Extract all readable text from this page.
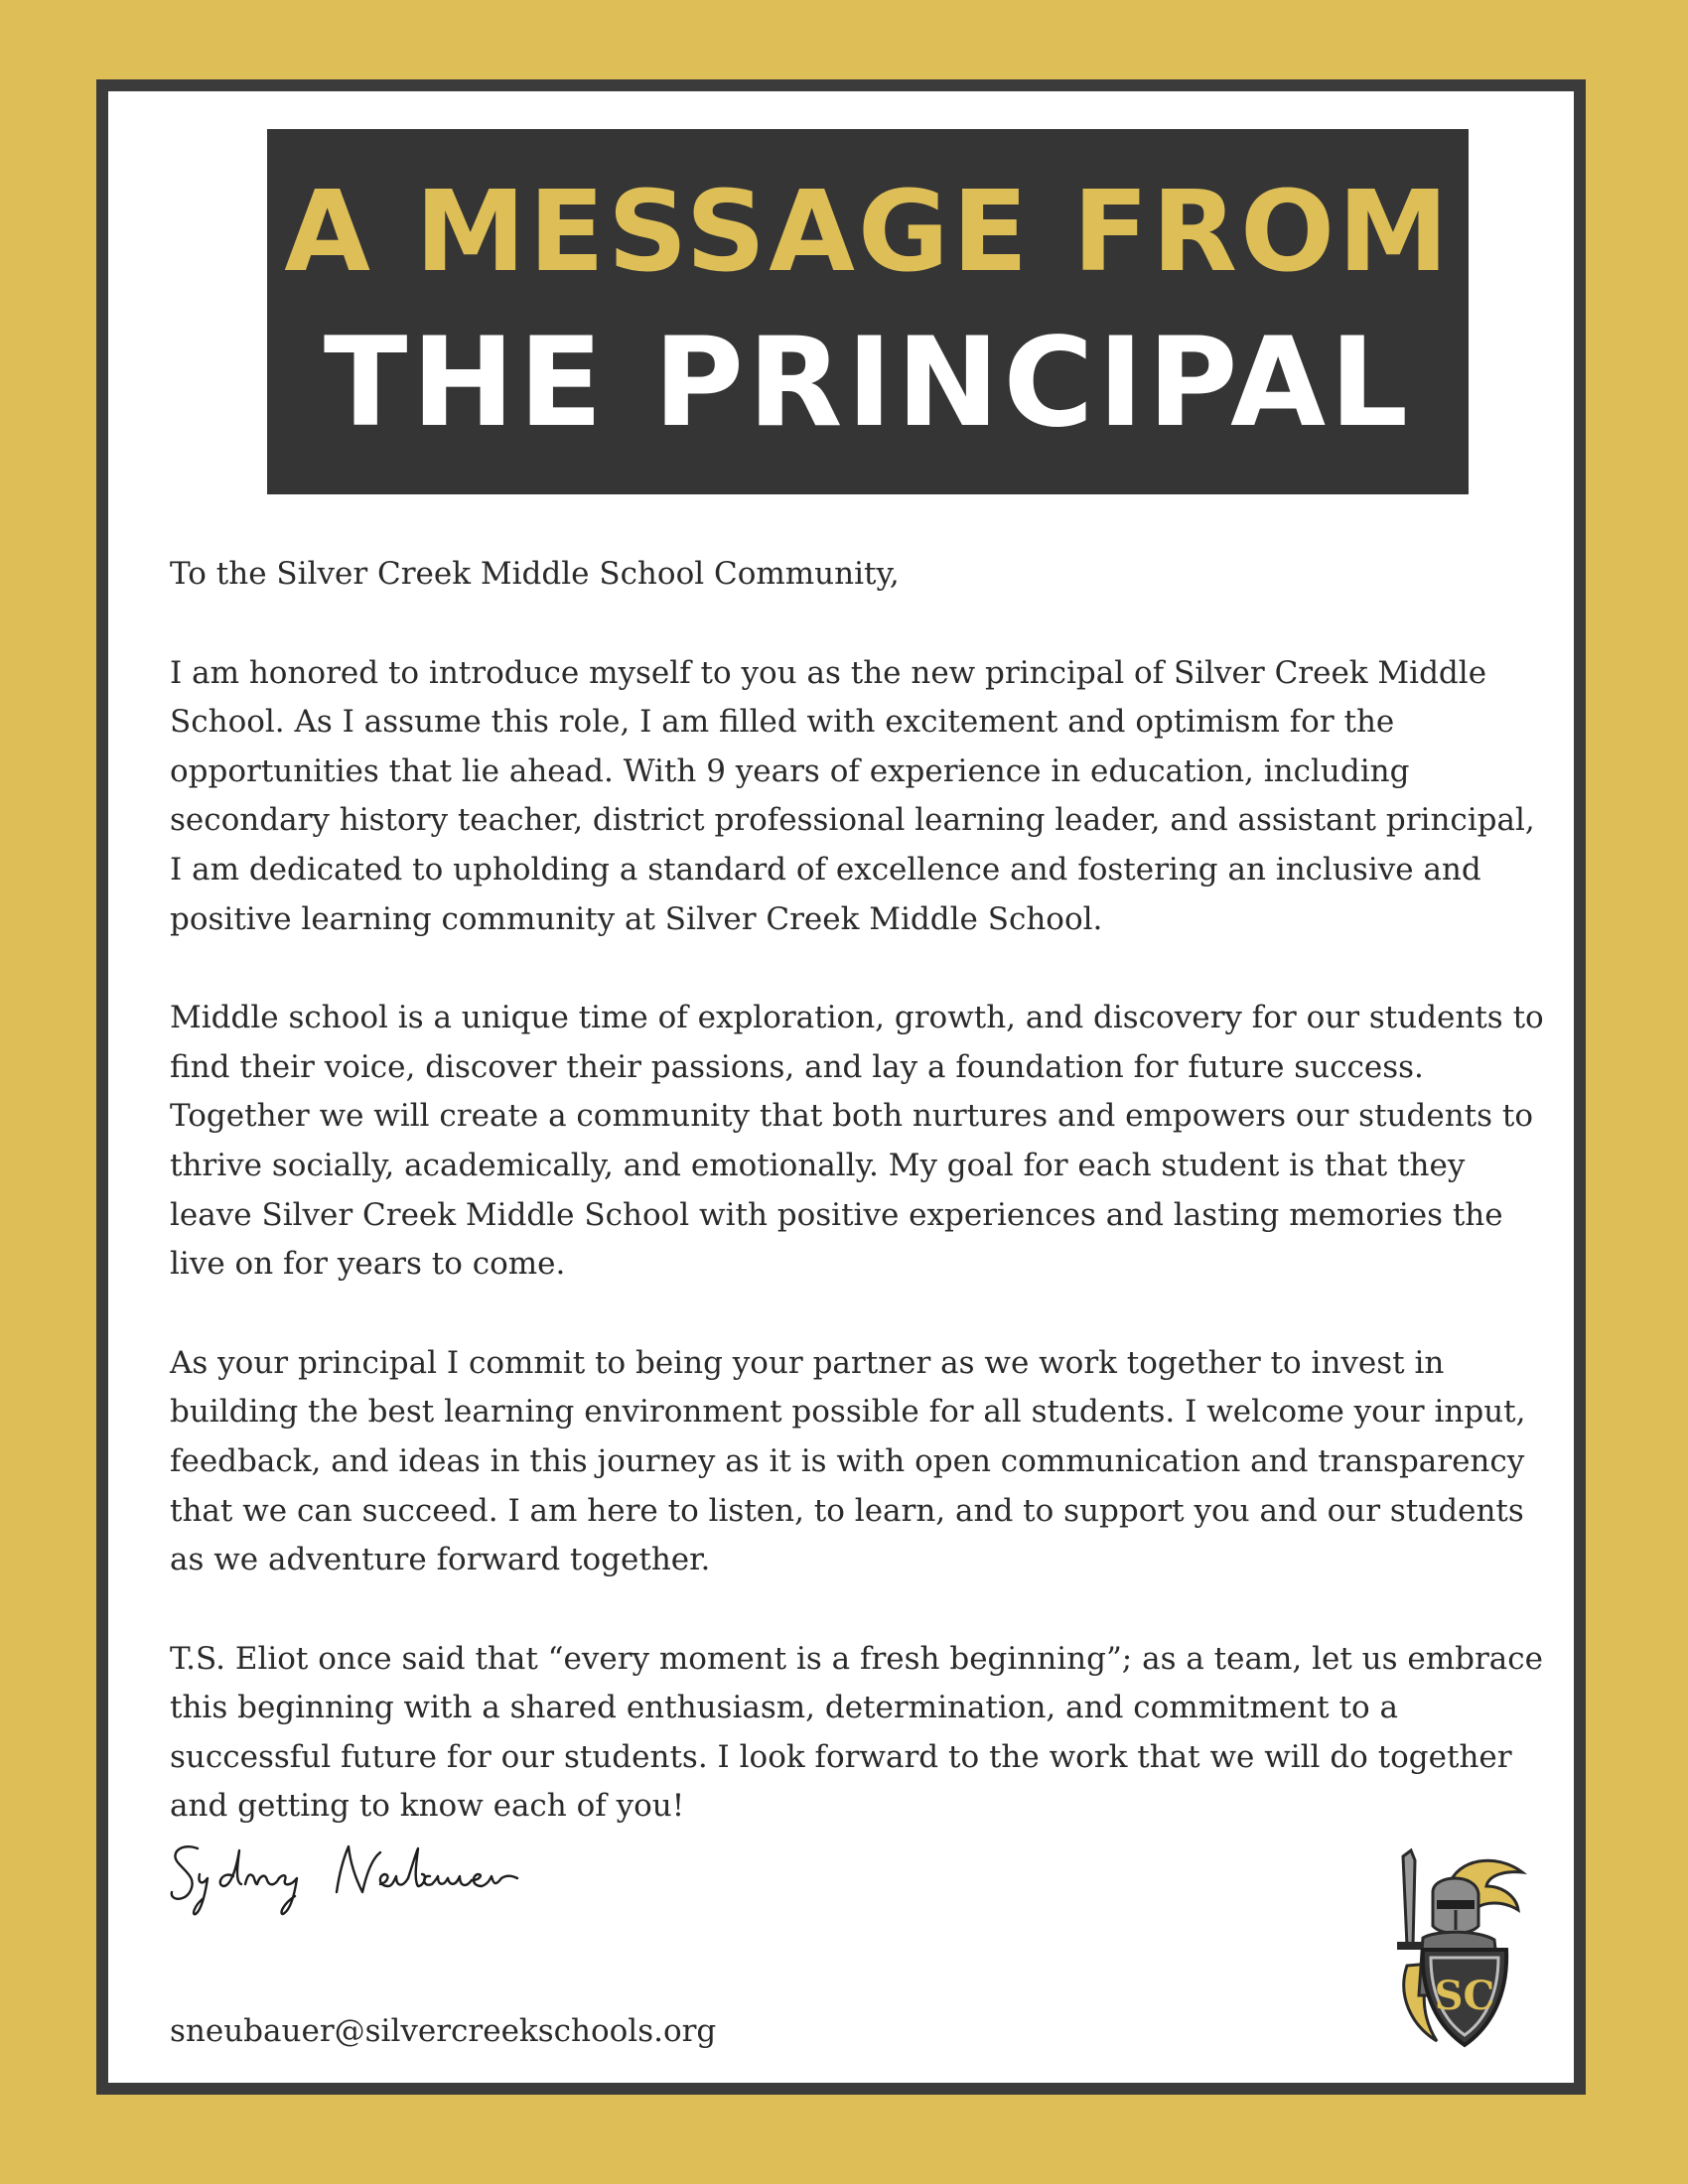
A MESSAGE FROM
THE PRINCIPAL

To the Silver Creek Middle School Community,

I am honored to introduce myself to you as the new principal of Silver Creek Middle School. As I assume this role, I am filled with excitement and optimism for the opportunities that lie ahead. With 9 years of experience in education, including secondary history teacher, district professional learning leader, and assistant principal, I am dedicated to upholding a standard of excellence and fostering an inclusive and positive learning community at Silver Creek Middle School.

Middle school is a unique time of exploration, growth, and discovery for our students to find their voice, discover their passions, and lay a foundation for future success. Together we will create a community that both nurtures and empowers our students to thrive socially, academically, and emotionally. My goal for each student is that they leave Silver Creek Middle School with positive experiences and lasting memories the live on for years to come.

As your principal I commit to being your partner as we work together to invest in building the best learning environment possible for all students. I welcome your input, feedback, and ideas in this journey as it is with open communication and transparency that we can succeed. I am here to listen, to learn, and to support you and our students as we adventure forward together.

T.S. Eliot once said that “every moment is a fresh beginning”; as a team, let us embrace this beginning with a shared enthusiasm, determination, and commitment to a successful future for our students. I look forward to the work that we will do together and getting to know each of you!

sneubauer@silvercreekschools.org
SC
